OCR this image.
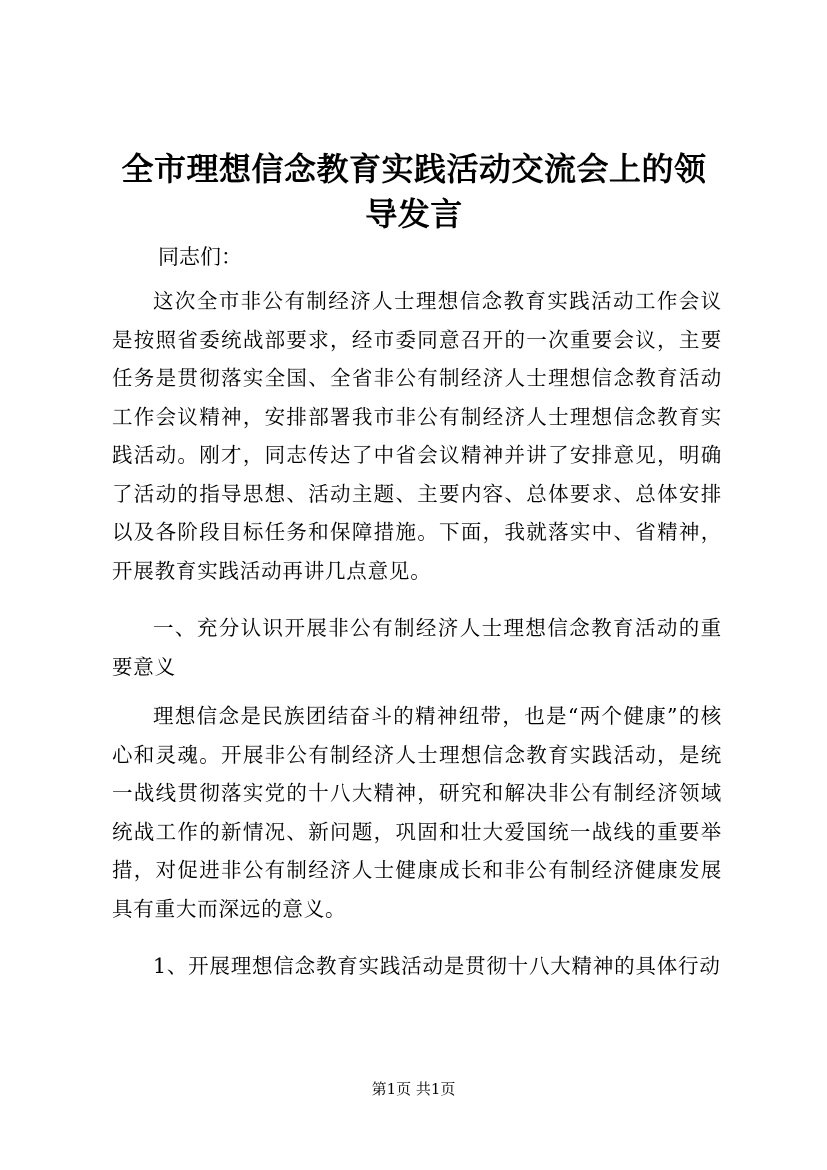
全市理想信念教育实践活动交流会上的领导发言

同志们：

这次全市非公有制经济人士理想信念教育实践活动工作会议是按照省委统战部要求，经市委同意召开的一次重要会议，主要任务是贯彻落实全国、全省非公有制经济人士理想信念教育活动工作会议精神，安排部署我市非公有制经济人士理想信念教育实践活动。刚才，同志传达了中省会议精神并讲了安排意见，明确了活动的指导思想、活动主题、主要内容、总体要求、总体安排以及各阶段目标任务和保障措施。下面，我就落实中、省精神，开展教育实践活动再讲几点意见。

一、充分认识开展非公有制经济人士理想信念教育活动的重要意义

理想信念是民族团结奋斗的精神纽带，也是“两个健康”的核心和灵魂。开展非公有制经济人士理想信念教育实践活动，是统一战线贯彻落实党的十八大精神，研究和解决非公有制经济领域统战工作的新情况、新问题，巩固和壮大爱国统一战线的重要举措，对促进非公有制经济人士健康成长和非公有制经济健康发展具有重大而深远的意义。

1、开展理想信念教育实践活动是贯彻十八大精神的具体行动

第1页 共1页
